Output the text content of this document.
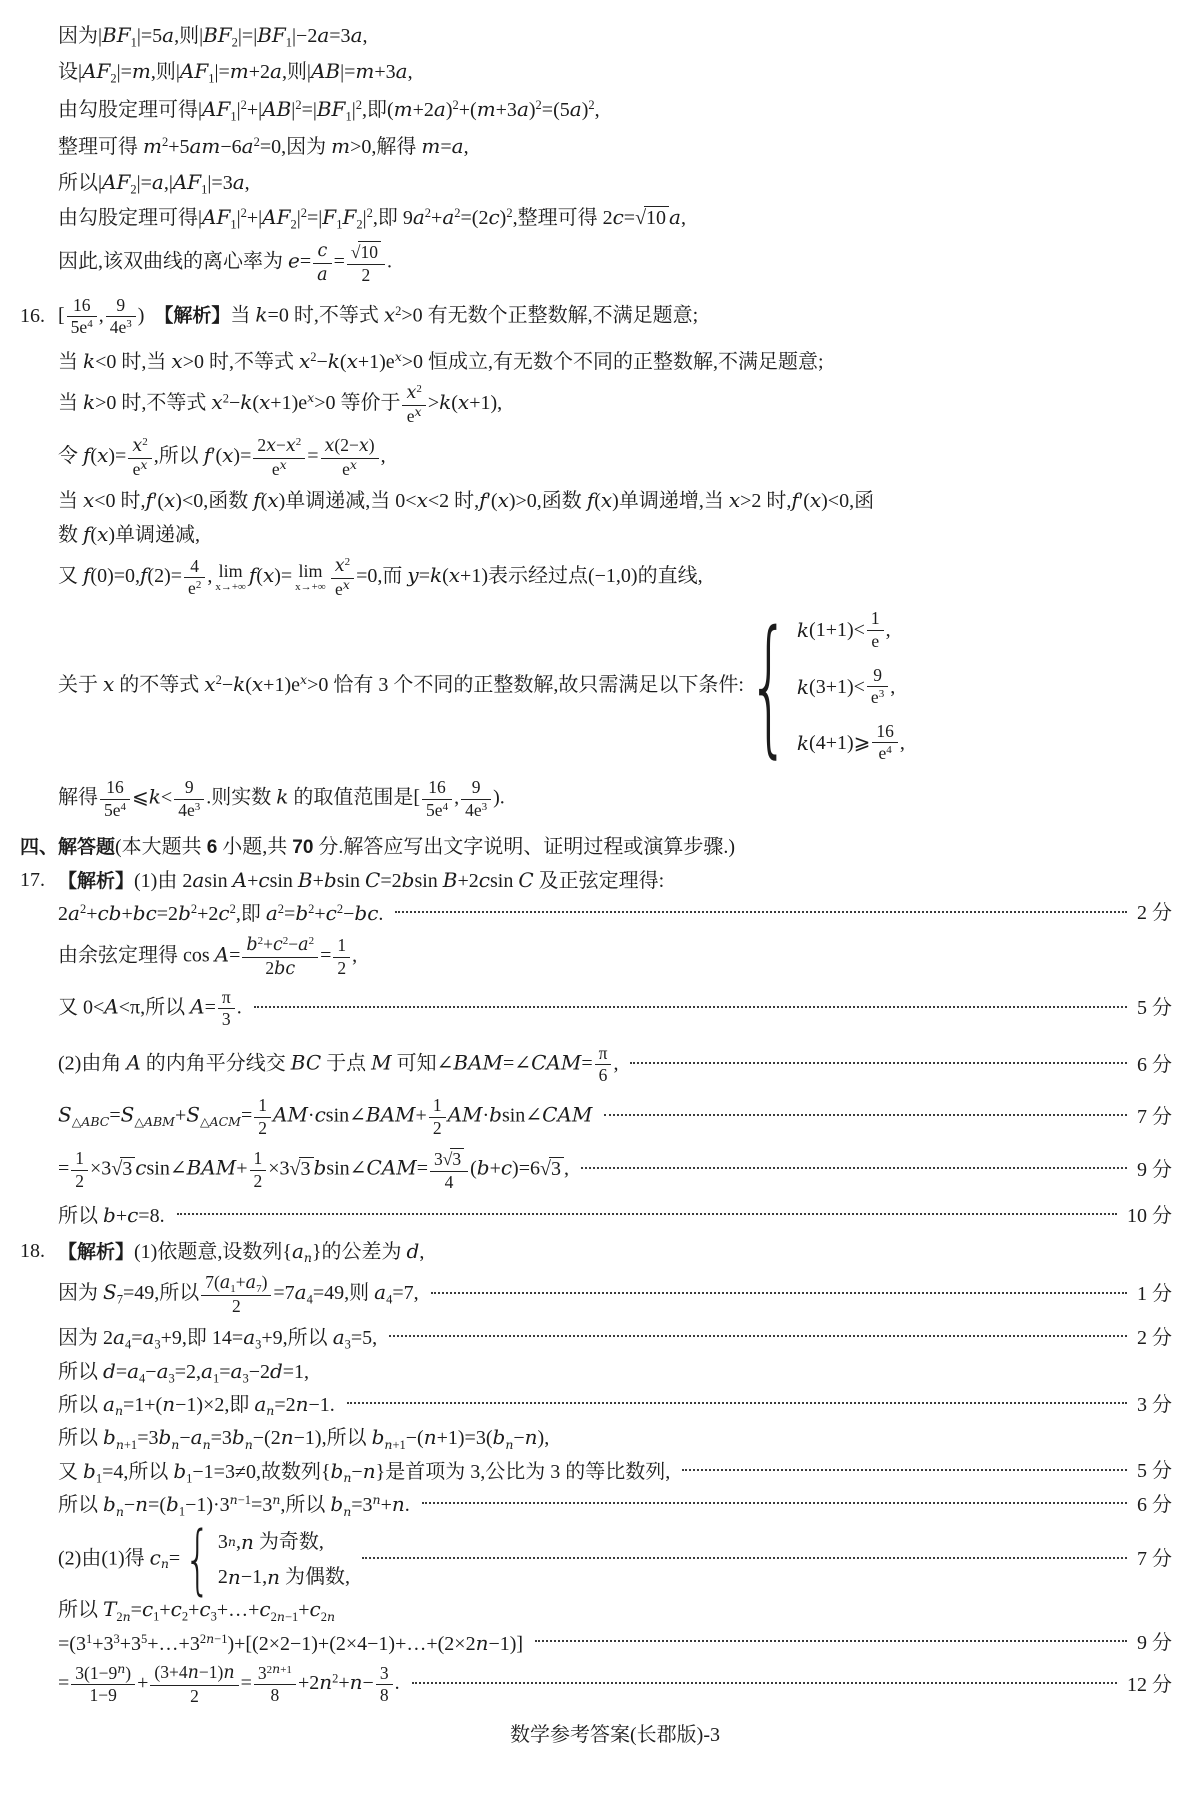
因为$|BF_1|=5a$,则$|BF_2|=|BF_1|-2a=3a$,
设$|AF_2|=m$,则$|AF_1|=m+2a$,则|AB|=m+3a,
由勾股定理可得$|AF_1|^2+|AB|^2=|BF_1|^2$,即$(m+2a)^2+(m+3a)^2=(5a)^2$,
整理可得 $m^2+5am-6a^2=0$,因为 m>0,解得 m=a,
所以$|AF_2|=a,|AF_1|=3a$,
由勾股定理可得$|AF_1|^2+|AF_2|^2=|F_1F_2|^2$,即 $9a^2+a^2=(2c)^2$,整理可得 2c=√ 10 a,
因此,该双曲线的离心率为 $e= \frac{c}{a} = \frac{√ 10}{2}$ .
16. [ $\frac{16}{5e^4}$ , $\frac{9}{4e^3}$ )  【解析】当 k=0 时,不等式 $x^2>0$ 有无数个正整数解,不满足题意;
当 k<0 时,当 x>0 时,不等式 $x^2-k(x+1)e^x>0$ 恒成立,有无数个不同的正整数解,不满足题意;
当 k>0 时,不等式 $x^2-k(x+1)e^x>0$ 等价于 $\frac{x^2}{e^x} >k(x+1)$,
令 $f(x)= \frac{x^2}{e^x}$ ,所以 $f'(x)= \frac{2x-x^2}{e^x} = \frac{x(2-x)}{e^x}$ ,
当 x<0 时,f′(x)<0,函数 f(x)单调递减,当 0<x<2 时,f′(x)>0,函数 f(x)单调递增,当 x>2 时,f′(x)<0,函
数 f(x)单调递减,
又 $f(0)=0,f(2)= \frac{4}{e^2}$ , lim
x→+∞ f(x)= lim
$x\to+\infty \frac{x^2}{e^x} =0$,而 y=k(x+1)表示经过点(−1,0)的直线,
关于 x 的不等式 $x^2-k(x+1)e^x>0$ 恰有 3 个不同的正整数解,故只需满足以下条件: { k $(1+1)< \frac{1}{e}$ ,
k $(3+1)< \frac{9}{e^3}$ ,
k (4+1)⩾ $\frac{16}{e^4}$ ,
解得 $\frac{16}{5e^4}$ ⩽k< $\frac{9}{4e^3}$ .则实数 k 的取值范围是[ $\frac{16}{5e^4}$ , $\frac{9}{4e^3}$ ).
四、解答题(本大题共 6 小题,共 70 分.解答应写出文字说明、证明过程或演算步骤.)
17. 【解析】(1)由 2asin A+csin B+bsin C=2bsin B+2csin C 及正弦定理得:
$2a^2+cb+bc=2b^2+2c^2$,即 $a^2=b^2+c^2-bc$.	2 分
由余弦定理得 $\cos A= \frac{b^2+c^2-a^2}{2bc} = \frac{1}{2}$ ,
又 0<A<π,所以 $A= \frac{\pi}{3}$ .	5 分
(2)由角 A 的内角平分线交 BC 于点 M 可知∠BAM=∠CAM= $\frac{\pi}{6}$ ,	6 分
$S_{\triangle ABC}=S_{\triangle ABM}+S_{\triangle ACM}= \frac{1}{2}$ AM·csin∠BAM+ $\frac{1}{2}$ AM·bsin∠CAM	7 分
= $\frac{1}{2} \times 3√$ 3 csin∠BAM+ $\frac{1}{2} \times 3√$ 3 bsin∠CAM= $\frac{3√ 3}{4} (b+c)=6√$ 3 ,	9 分
所以 b+c=8.	10 分
18. 【解析】(1)依题意,设数列$\{a_n\}$的公差为 d,
因为 $S_7=49$,所以 $\frac{7(a_1+a_7)}{2} =7a_4=49$,则 $a_4=7$,	1 分
因为 $2a_4=a_3+9$,即 $14=a_3+9$,所以 $a_3=5$,	2 分
所以 $d=a_4-a_3=2,a_1=a_3-2d=1$,
所以 $a_n=1+(n-1)\times 2$,即 $a_n=2n-1$.	3 分
所以 $b_{n+1}=3b_n-a_n=3b_n-(2n-1)$,所以 $b_{n+1}-(n+1)=3(b_n-n)$,
又 $b_1=4$,所以 $b_1-1=3\ne 0$,故数列$\{b_n-n\}$是首项为 3,公比为 3 的等比数列,	5 分
所以 $b_n-n=(b_1-1)\cdot 3^{n-1}=3^n$,所以 $b_n=3^n+n$.	6 分
(2)由(1)得 $c_n=$ { 3 n , n 为奇数,
2 n −1, n 为偶数,
7 分
所以 $T_{2n}=c_1+c_2+c_3+\dots+c_{2n-1}+c_{2n}$
$=(3^1+3^3+3^5+\dots+3^{2n-1})+[(2\times 2-1)+(2\times 4-1)+\dots+(2\times 2n-1)]$	9 分
= $\frac{3(1-9^n)}{1-9} + \frac{(3+4n-1)n}{2} = \frac{3^{2n+1}}{8} +2n^2+n- \frac{3}{8}$ .	12 分
数学参考答案(长郡版)-3
